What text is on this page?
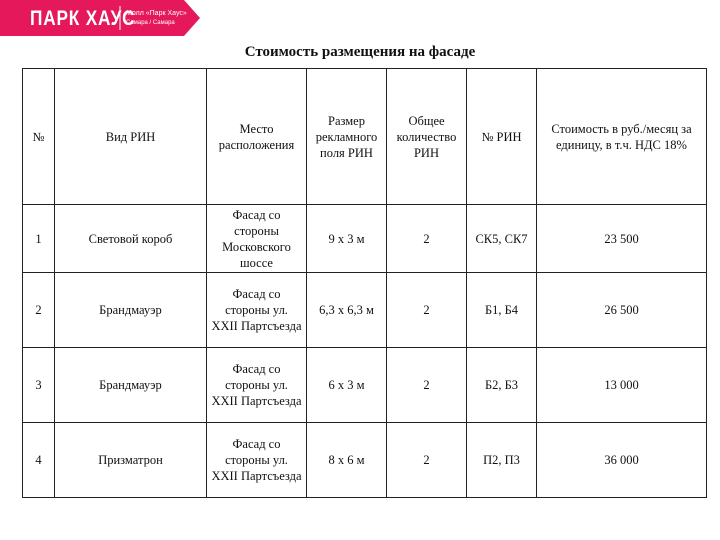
ПАРК ХАУС
Молл «Парк Хаус»
Самара / Самара
Стоимость размещения на фасаде
№	Вид РИН	Место расположения	Размер рекламного поля РИН	Общее количество РИН	№ РИН	Стоимость в руб./месяц за единицу, в т.ч. НДС 18%
1	Световой короб	Фасад со стороны Московского шоссе	9 х 3 м	2	СК5, СК7	23 500
2	Брандмауэр	Фасад со стороны ул. XXII Партсъезда	6,3 х 6,3 м	2	Б1, Б4	26 500
3	Брандмауэр	Фасад со стороны ул. XXII Партсъезда	6 х 3 м	2	Б2, Б3	13 000
4	Призматрон	Фасад со стороны ул. XXII Партсъезда	8 х 6 м	2	П2, П3	36 000
